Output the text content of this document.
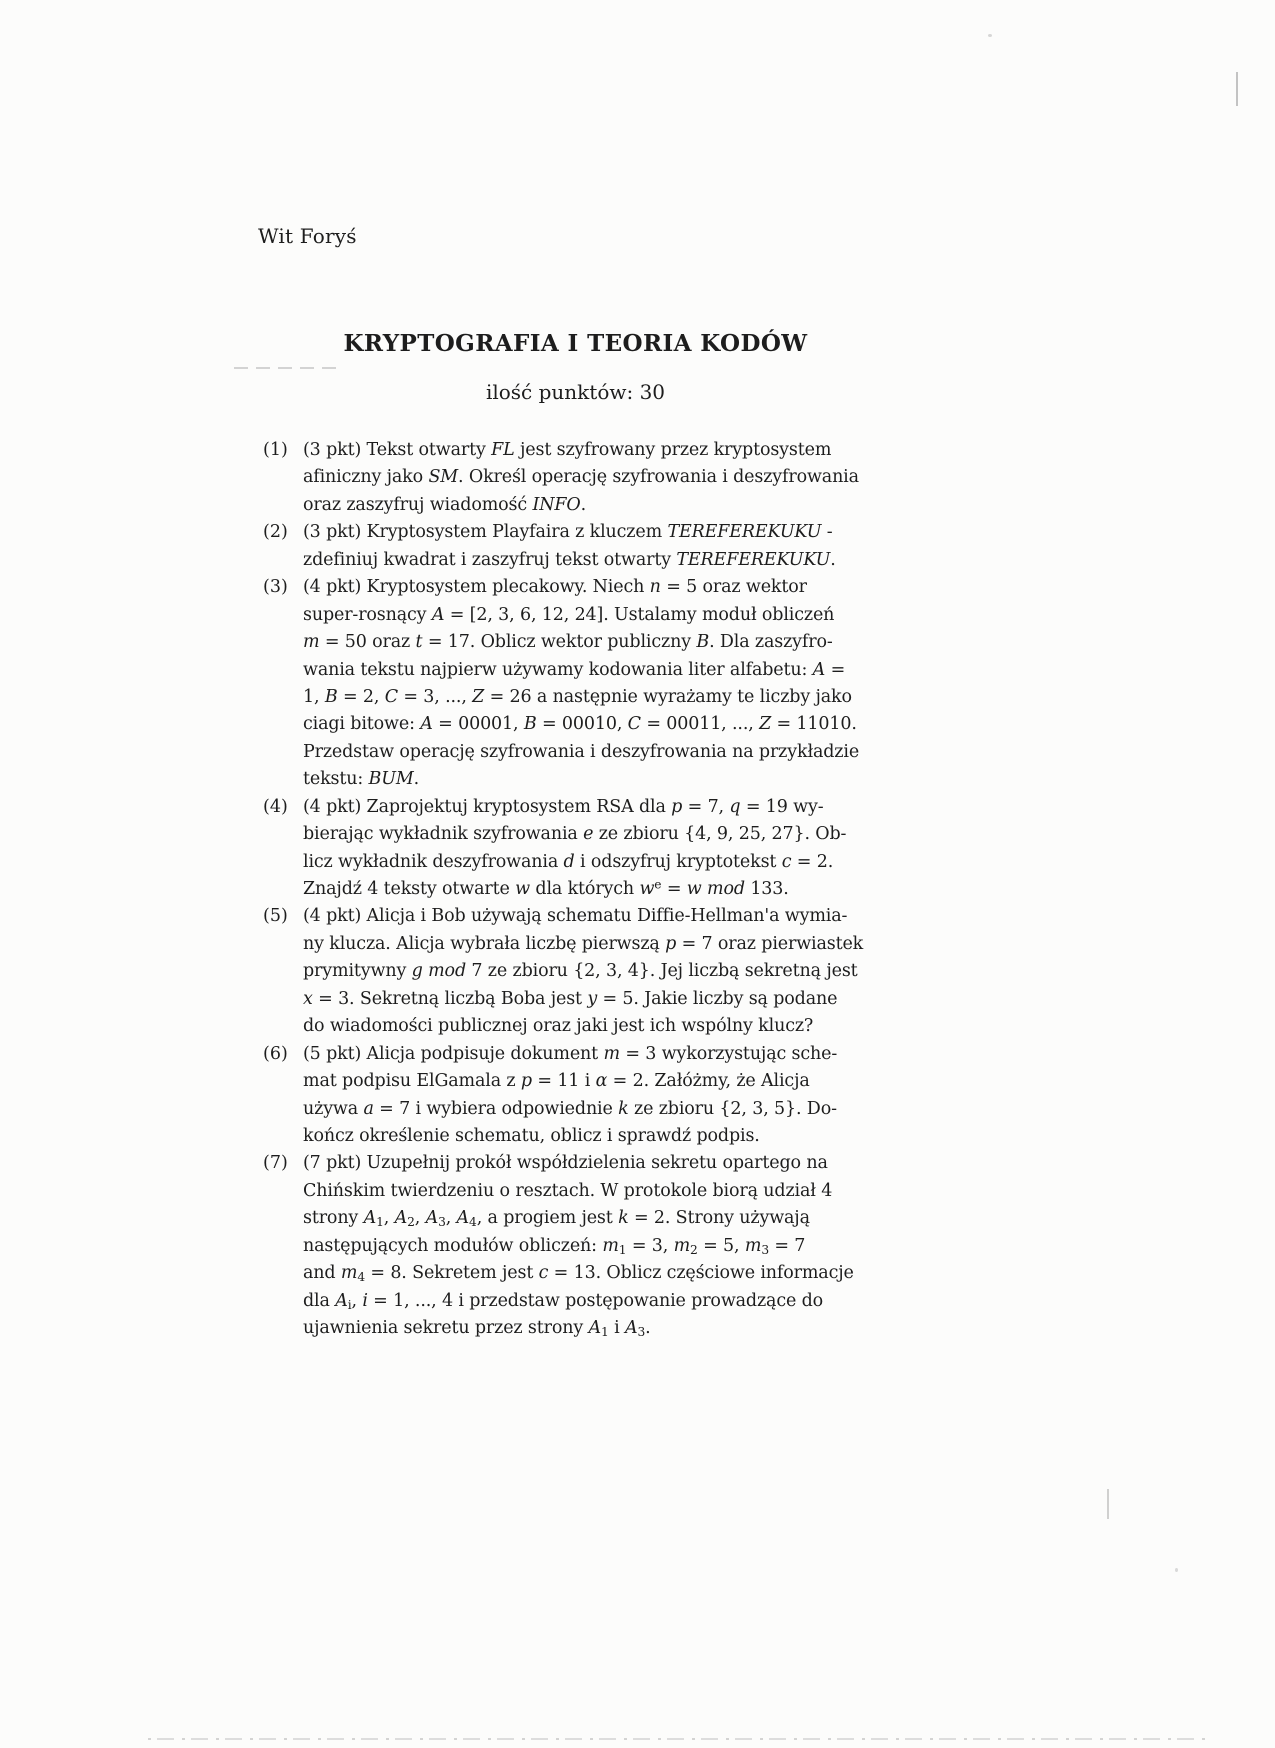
Wit Foryś
KRYPTOGRAFIA I TEORIA KODÓW
ilość punktów: 30
(1) (3 pkt) Tekst otwarty FL jest szyfrowany przez kryptosystem
afiniczny jako SM. Określ operację szyfrowania i deszyfrowania
oraz zaszyfruj wiadomość INFO.
(2) (3 pkt) Kryptosystem Playfaira z kluczem TEREFEREKUKU -
zdefiniuj kwadrat i zaszyfruj tekst otwarty TEREFEREKUKU.
(3) (4 pkt) Kryptosystem plecakowy. Niech n = 5 oraz wektor
super-rosnący A = [2, 3, 6, 12, 24]. Ustalamy moduł obliczeń
m = 50 oraz t = 17. Oblicz wektor publiczny B. Dla zaszyfro-
wania tekstu najpierw używamy kodowania liter alfabetu: A =
1, B = 2, C = 3, ..., Z = 26 a następnie wyrażamy te liczby jako
ciagi bitowe: A = 00001, B = 00010, C = 00011, ..., Z = 11010.
Przedstaw operację szyfrowania i deszyfrowania na przykładzie
tekstu: BUM.
(4) (4 pkt) Zaprojektuj kryptosystem RSA dla p = 7, q = 19 wy-
bierając wykładnik szyfrowania e ze zbioru {4, 9, 25, 27}. Ob-
licz wykładnik deszyfrowania d i odszyfruj kryptotekst c = 2.
Znajdź 4 teksty otwarte w dla których $w^e = w$ mod 133.
(5) (4 pkt) Alicja i Bob używają schematu Diffie-Hellman'a wymia-
ny klucza. Alicja wybrała liczbę pierwszą p = 7 oraz pierwiastek
prymitywny g mod 7 ze zbioru {2, 3, 4}. Jej liczbą sekretną jest
x = 3. Sekretną liczbą Boba jest y = 5. Jakie liczby są podane
do wiadomości publicznej oraz jaki jest ich wspólny klucz?
(6) (5 pkt) Alicja podpisuje dokument m = 3 wykorzystując sche-
mat podpisu ElGamala z p = 11 i α = 2. Załóżmy, że Alicja
używa a = 7 i wybiera odpowiednie k ze zbioru {2, 3, 5}. Do-
kończ określenie schematu, oblicz i sprawdź podpis.
(7) (7 pkt) Uzupełnij prokół współdzielenia sekretu opartego na
Chińskim twierdzeniu o resztach. W protokole biorą udział 4
strony $A_1$, $A_2$, $A_3$, $A_4$, a progiem jest k = 2. Strony używają
następujących modułów obliczeń: $m_1 = 3$, $m_2 = 5$, $m_3 = 7$
and $m_4 = 8$. Sekretem jest c = 13. Oblicz częściowe informacje
dla $A_i$, i = 1, ..., 4 i przedstaw postępowanie prowadzące do
ujawnienia sekretu przez strony $A_1$ i $A_3$.
